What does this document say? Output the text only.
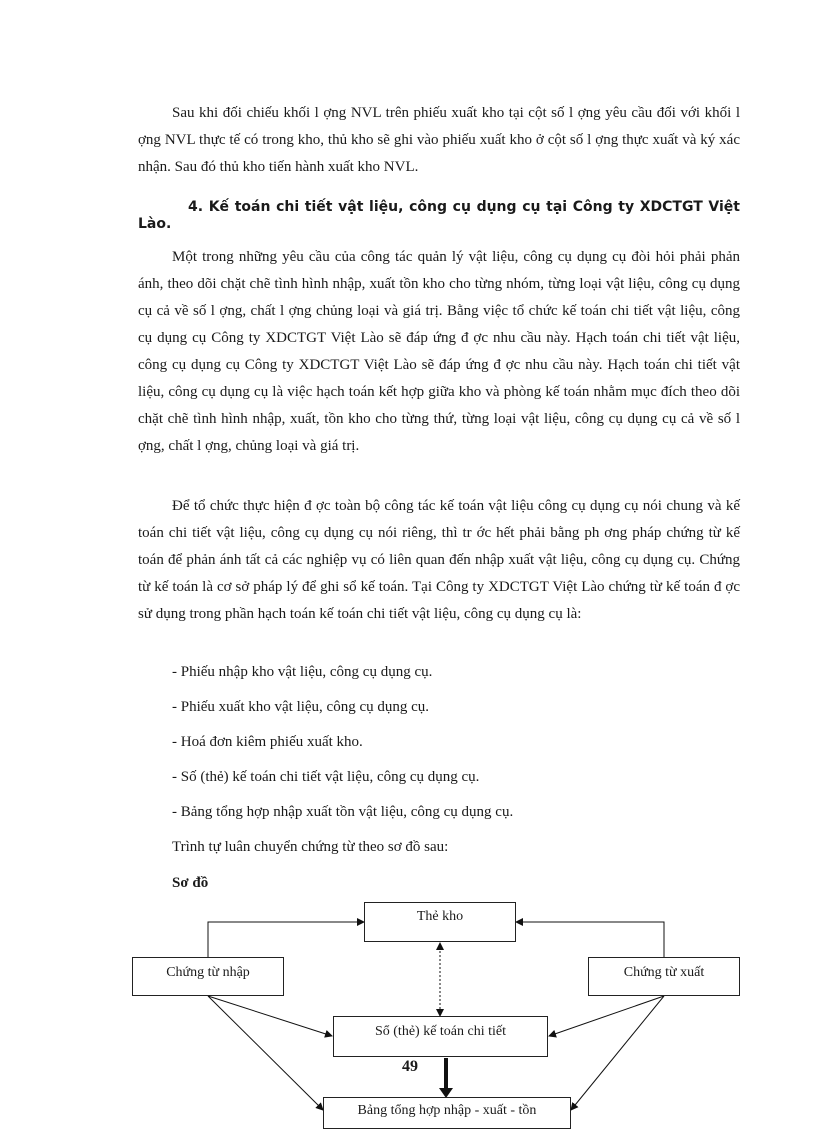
Sau khi đối chiếu khối l ợng NVL trên phiếu xuất kho tại cột số l ợng yêu cầu đối với khối l ợng NVL thực tế có trong kho, thủ kho sẽ ghi vào phiếu xuất kho ở cột số l ợng thực xuất và ký xác nhận. Sau đó thủ kho tiến hành xuất kho NVL.

4. Kế toán chi tiết vật liệu, công cụ dụng cụ tại Công ty XDCTGT Việt Lào.

Một trong những yêu cầu của công tác quản lý vật liệu, công cụ dụng cụ đòi hỏi phải phản ánh, theo dõi chặt chẽ tình hình nhập, xuất tồn kho cho từng nhóm, từng loại vật liệu, công cụ dụng cụ cả về số l ợng, chất l ợng chủng loại và giá trị. Bằng việc tổ chức kế toán chi tiết vật liệu, công cụ dụng cụ Công ty XDCTGT Việt Lào sẽ đáp ứng đ ợc nhu cầu này. Hạch toán chi tiết vật liệu, công cụ dụng cụ Công ty XDCTGT Việt Lào sẽ đáp ứng đ ợc nhu cầu này. Hạch toán chi tiết vật liệu, công cụ dụng cụ là việc hạch toán kết hợp giữa kho và phòng kế toán nhằm mục đích theo dõi chặt chẽ tình hình nhập, xuất, tồn kho cho từng thứ, từng loại vật liệu, công cụ dụng cụ cả về số l ợng, chất l ợng, chủng loại và giá trị.

Để tổ chức thực hiện đ ợc toàn bộ công tác kế toán vật liệu công cụ dụng cụ nói chung và kế toán chi tiết vật liệu, công cụ dụng cụ nói riêng, thì tr ớc hết phải bằng ph ơng pháp chứng từ kế toán để phản ánh tất cả các nghiệp vụ có liên quan đến nhập xuất vật liệu, công cụ dụng cụ. Chứng từ kế toán là cơ sở pháp lý để ghi sổ kế toán. Tại Công ty XDCTGT Việt Lào chứng từ kế toán đ ợc sử dụng trong phần hạch toán kế toán chi tiết vật liệu, công cụ dụng cụ là:

- Phiếu nhập kho vật liệu, công cụ dụng cụ.

- Phiếu xuất kho vật liệu, công cụ dụng cụ.

- Hoá đơn kiêm phiếu xuất kho.

- Số (thẻ) kế toán chi tiết vật liệu, công cụ dụng cụ.

- Bảng tổng hợp nhập xuất tồn vật liệu, công cụ dụng cụ.

Trình tự luân chuyển chứng từ theo sơ đồ sau:

Sơ đồ

Thẻ kho
Chứng từ nhập	Chứng từ xuất
Sổ (thẻ) kế toán chi tiết
Bảng tổng hợp nhập - xuất - tồn
49
